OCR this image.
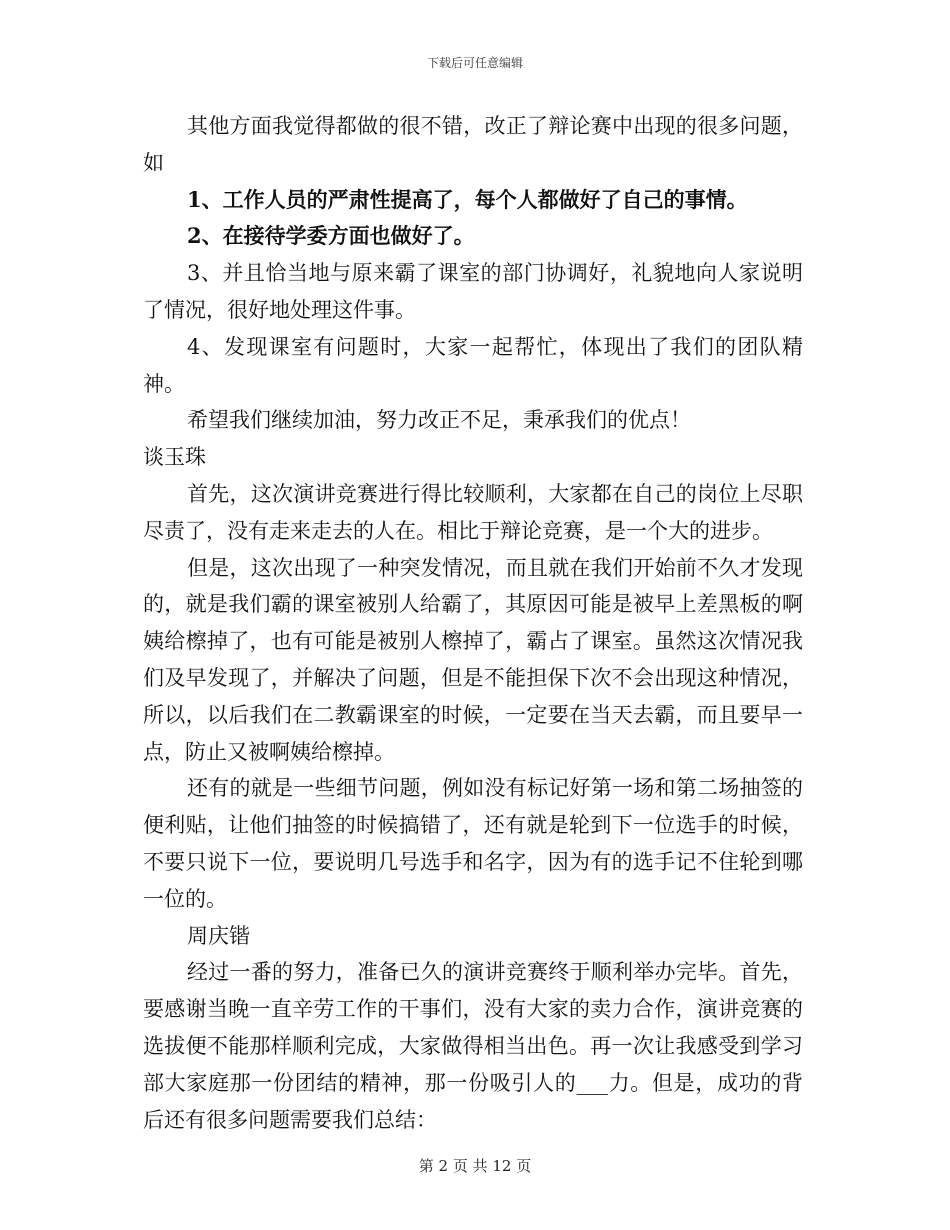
下载后可任意编辑

其他方面我觉得都做的很不错，改正了辩论赛中出现的很多问题，如

1、工作人员的严肃性提高了，每个人都做好了自己的事情。

2、在接待学委方面也做好了。

3、并且恰当地与原来霸了课室的部门协调好，礼貌地向人家说明了情况，很好地处理这件事。

4、发现课室有问题时，大家一起帮忙，体现出了我们的团队精神。

希望我们继续加油，努力改正不足，秉承我们的优点！

谈玉珠

首先，这次演讲竞赛进行得比较顺利，大家都在自己的岗位上尽职尽责了，没有走来走去的人在。相比于辩论竞赛，是一个大的进步。

但是，这次出现了一种突发情况，而且就在我们开始前不久才发现的，就是我们霸的课室被别人给霸了，其原因可能是被早上差黑板的啊姨给檫掉了，也有可能是被别人檫掉了，霸占了课室。虽然这次情况我们及早发现了，并解决了问题，但是不能担保下次不会出现这种情况，所以，以后我们在二教霸课室的时候，一定要在当天去霸，而且要早一点，防止又被啊姨给檫掉。

还有的就是一些细节问题，例如没有标记好第一场和第二场抽签的便利贴，让他们抽签的时候搞错了，还有就是轮到下一位选手的时候，不要只说下一位，要说明几号选手和名字，因为有的选手记不住轮到哪一位的。

周庆锴

经过一番的努力，准备已久的演讲竞赛终于顺利举办完毕。首先，要感谢当晚一直辛劳工作的干事们，没有大家的卖力合作，演讲竞赛的选拔便不能那样顺利完成，大家做得相当出色。再一次让我感受到学习部大家庭那一份团结的精神，那一份吸引人的___力。但是，成功的背后还有很多问题需要我们总结：

第 2 页 共 12 页
